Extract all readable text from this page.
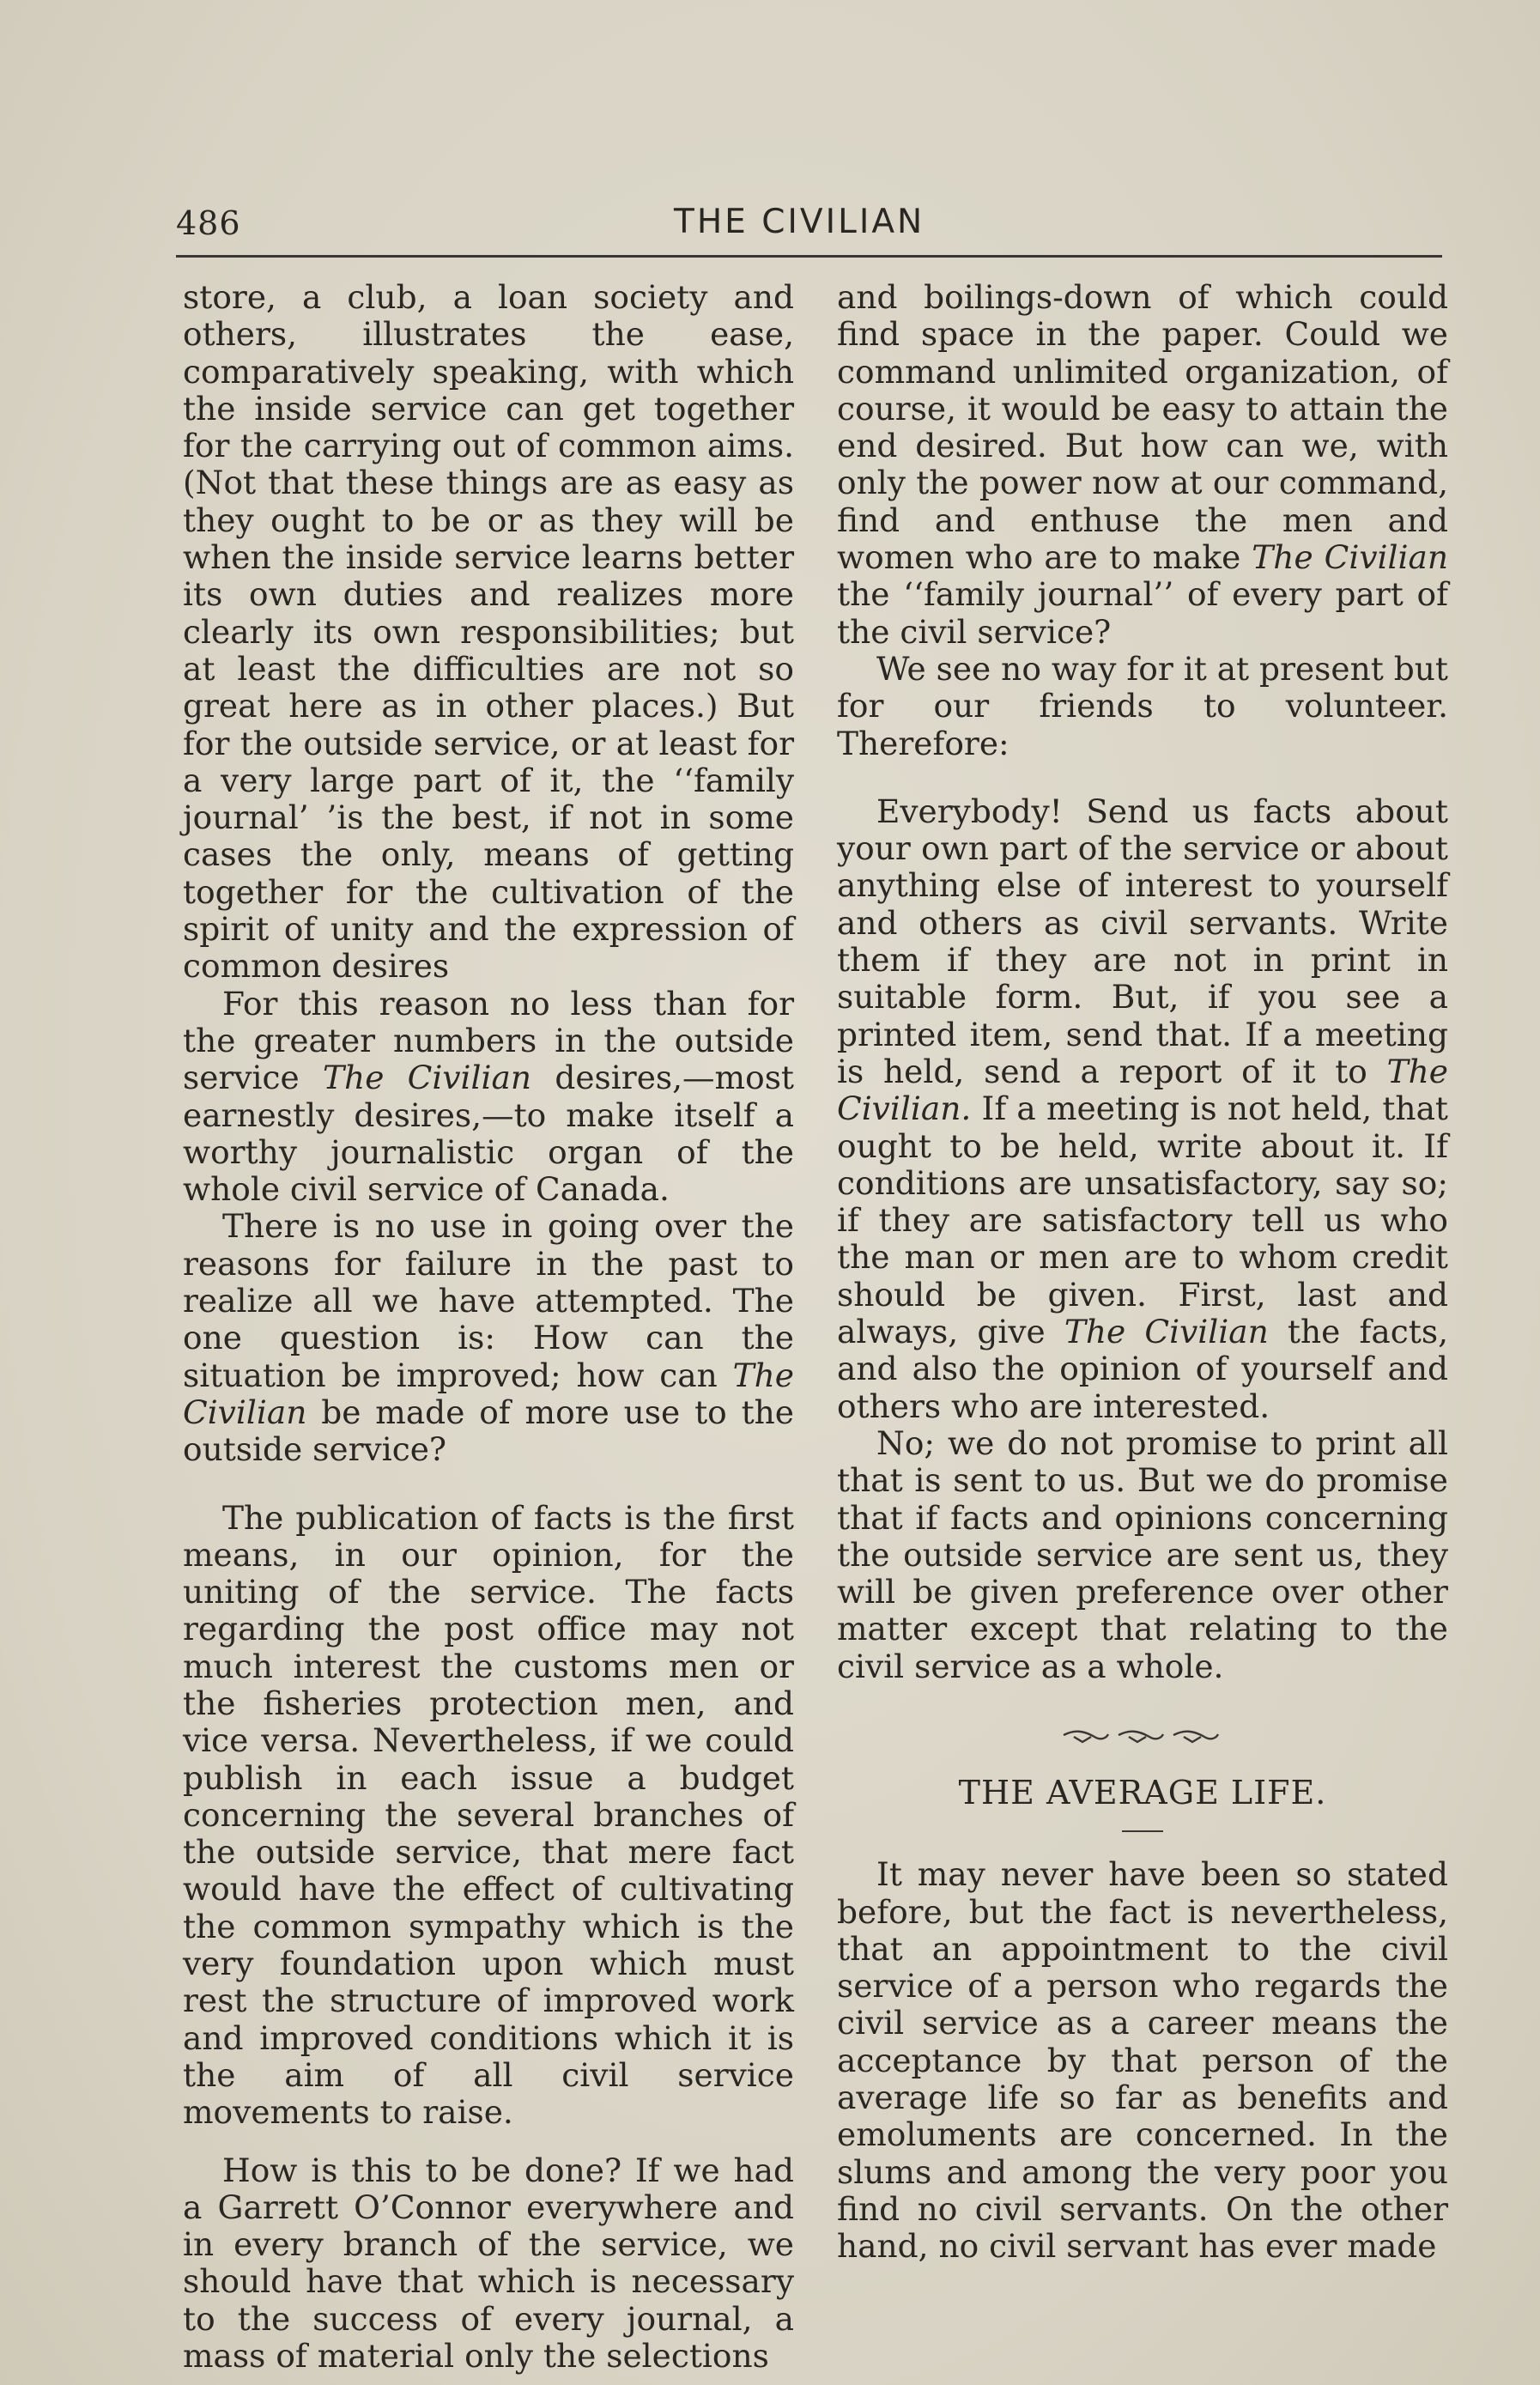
486	THE CIVILIAN

store, a club, a loan society and others, illustrates the ease, comparatively speaking, with which the inside service can get together for the carrying out of common aims. (Not that these things are as easy as they ought to be or as they will be when the inside service learns better its own duties and realizes more clearly its own responsibilities; but at least the difficulties are not so great here as in other places.) But for the outside service, or at least for a very large part of it, the ‘‘family journal’ ’is the best, if not in some cases the only, means of getting together for the cultivation of the spirit of unity and the expression of common desires

For this reason no less than for the greater numbers in the outside service The Civilian desires,—most earnestly desires,—to make itself a worthy journalistic organ of the whole civil service of Canada.

There is no use in going over the reasons for failure in the past to realize all we have attempted. The one question is: How can the situation be improved; how can The Civilian be made of more use to the outside service?

The publication of facts is the first means, in our opinion, for the uniting of the service. The facts regarding the post office may not much interest the customs men or the fisheries protection men, and vice versa. Nevertheless, if we could publish in each issue a budget concerning the several branches of the outside service, that mere fact would have the effect of cultivating the common sympathy which is the very foundation upon which must rest the structure of improved work and improved conditions which it is the aim of all civil service movements to raise.

How is this to be done? If we had a Garrett O’Connor everywhere and in every branch of the service, we should have that which is necessary to the success of every journal, a mass of material only the selections

and boilings-down of which could find space in the paper. Could we command unlimited organization, of course, it would be easy to attain the end desired. But how can we, with only the power now at our command, find and enthuse the men and women who are to make The Civilian the ‘‘family journal’’ of every part of the civil service?

We see no way for it at present but for our friends to volunteer. Therefore:

Everybody! Send us facts about your own part of the service or about anything else of interest to yourself and others as civil servants. Write them if they are not in print in suitable form. But, if you see a printed item, send that. If a meeting is held, send a report of it to The Civilian. If a meeting is not held, that ought to be held, write about it. If conditions are unsatisfactory, say so; if they are satisfactory tell us who the man or men are to whom credit should be given. First, last and always, give The Civilian the facts, and also the opinion of yourself and others who are interested.

No; we do not promise to print all that is sent to us. But we do promise that if facts and opinions concerning the outside service are sent us, they will be given preference over other matter except that relating to the civil service as a whole.

THE AVERAGE LIFE.

It may never have been so stated before, but the fact is nevertheless, that an appointment to the civil service of a person who regards the civil service as a career means the acceptance by that person of the average life so far as benefits and emoluments are concerned. In the slums and among the very poor you find no civil servants. On the other hand, no civil servant has ever made
